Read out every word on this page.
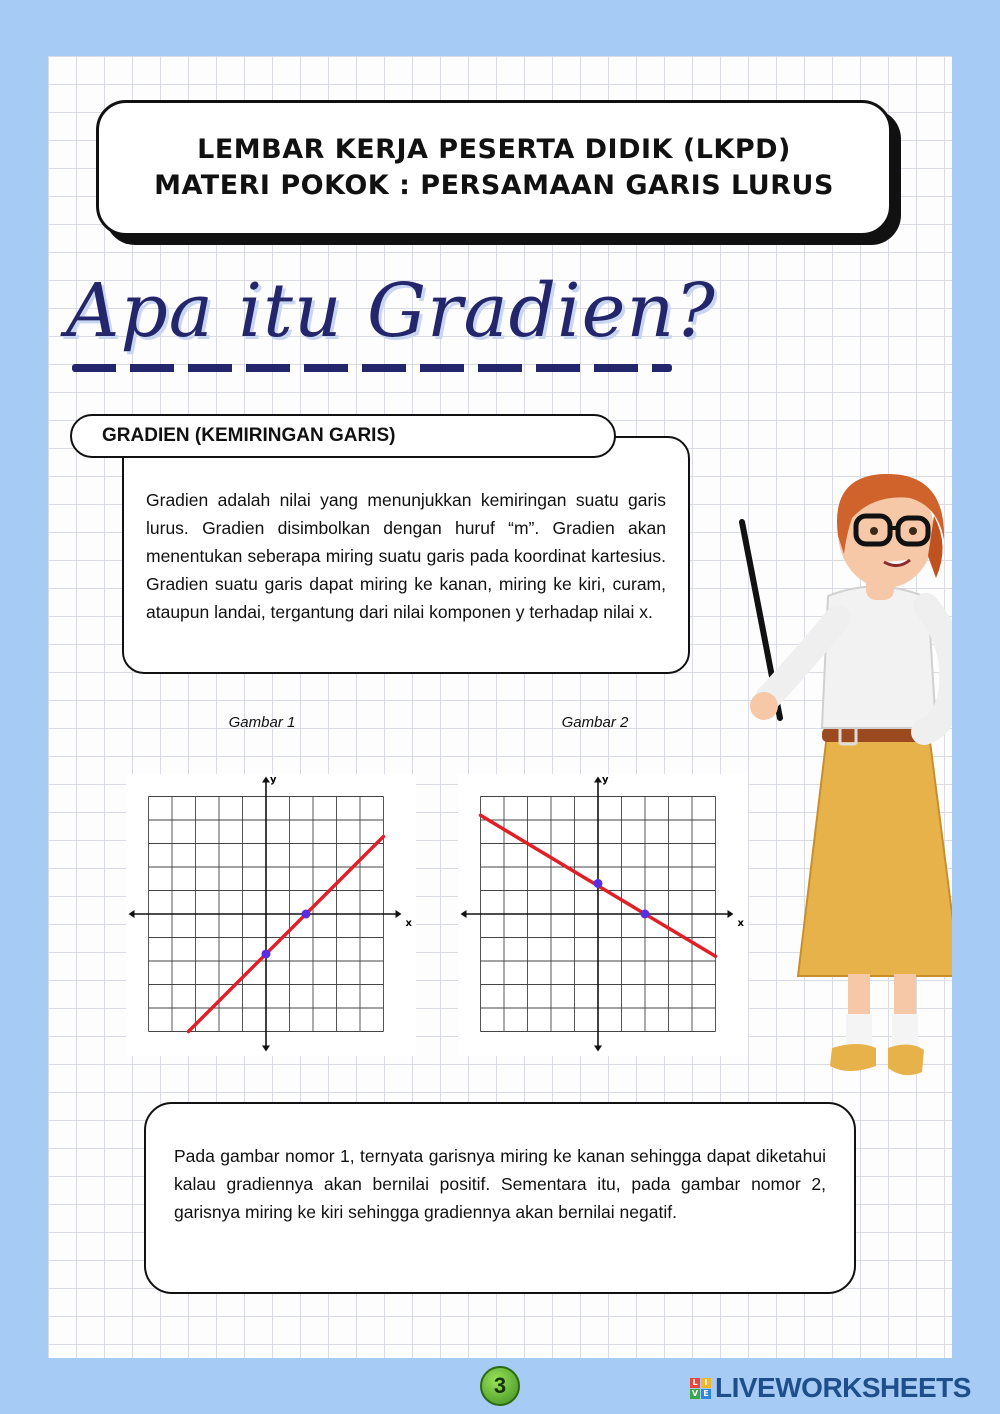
LEMBAR KERJA PESERTA DIDIK (LKPD)
MATERI POKOK : PERSAMAAN GARIS LURUS
Apa itu Gradien?
GRADIEN (KEMIRINGAN GARIS)

Gradien adalah nilai yang menunjukkan kemiringan suatu garis lurus. Gradien disimbolkan dengan huruf “m”. Gradien akan menentukan seberapa miring suatu garis pada koordinat kartesius. Gradien suatu garis dapat miring ke kanan, miring ke kiri, curam, ataupun landai, tergantung dari nilai komponen y terhadap nilai x.

Gambar 1	Gambar 2
x
y
x
y

Pada gambar nomor 1, ternyata garisnya miring ke kanan sehingga dapat diketahui kalau gradiennya akan bernilai positif. Sementara itu, pada gambar nomor 2, garisnya miring ke kiri sehingga gradiennya akan bernilai negatif.

3	L I
V E LIVEWORKSHEETS
